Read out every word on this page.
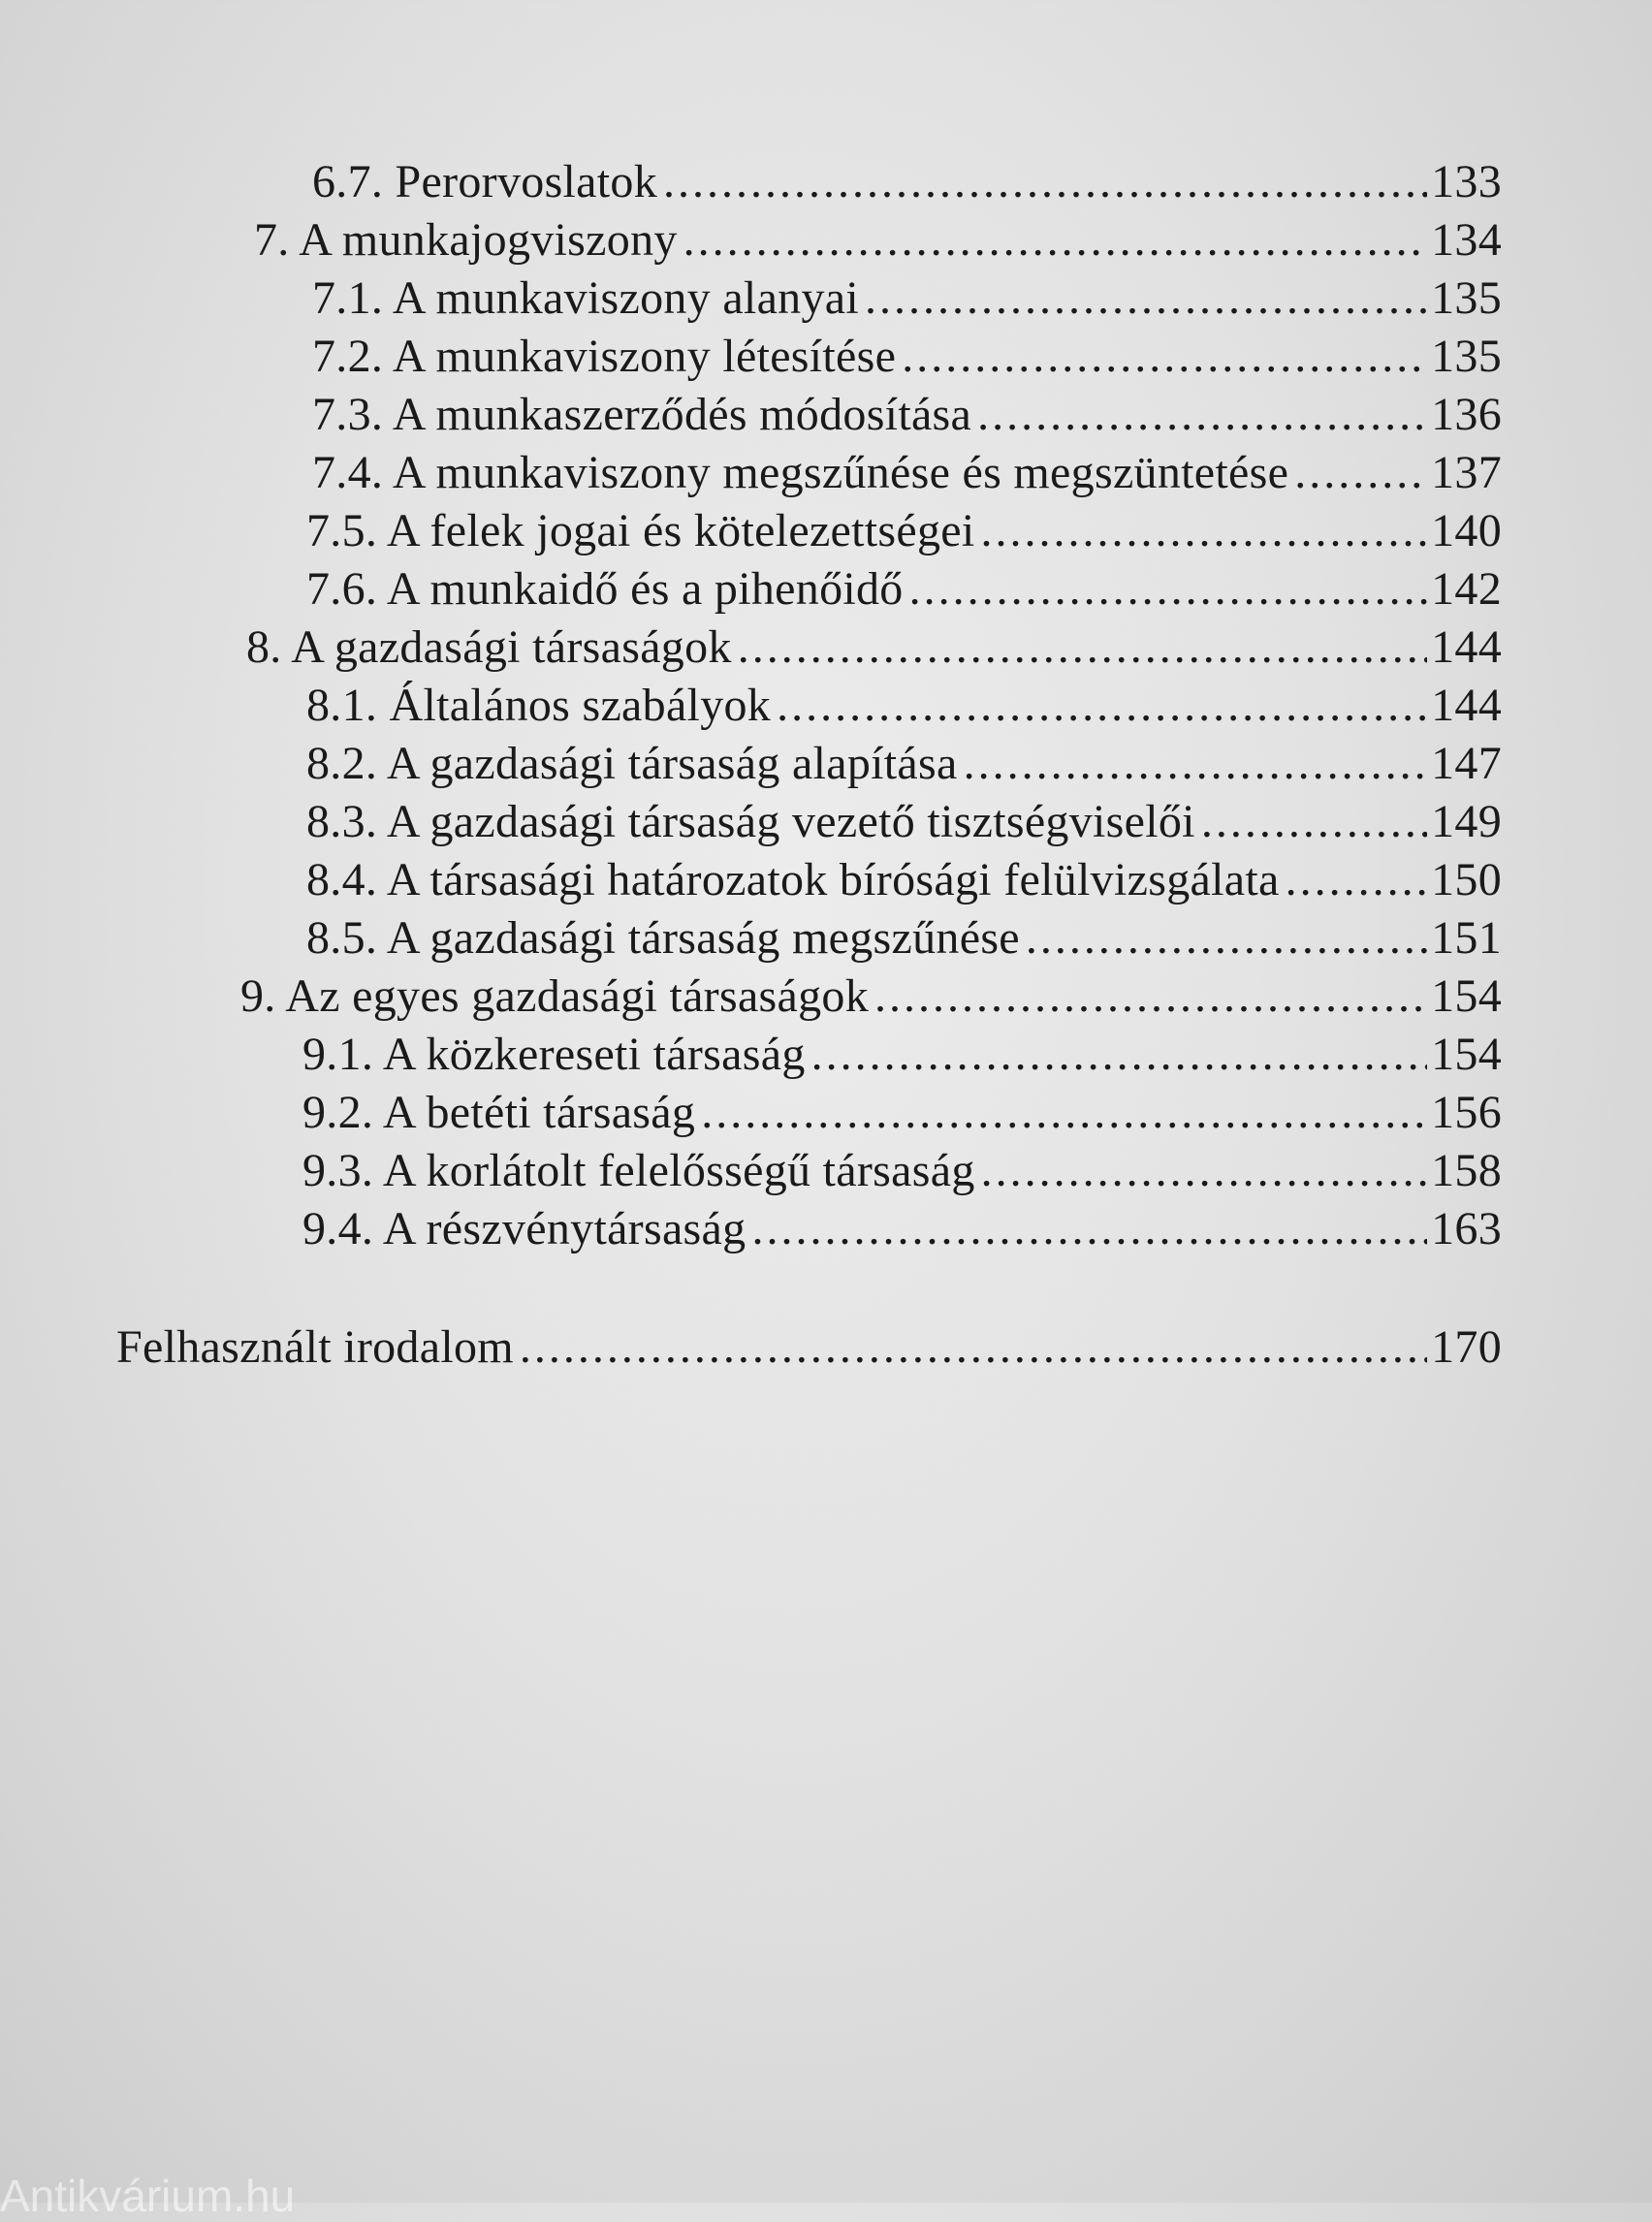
6.7. Perorvoslatok .....	133
7. A munkajogviszony .....	134
7.1. A munkaviszony alanyai .....	135
7.2. A munkaviszony létesítése .....	135
7.3. A munkaszerződés módosítása .....	136
7.4. A munkaviszony megszűnése és megszüntetése .....	137
7.5. A felek jogai és kötelezettségei .....	140
7.6. A munkaidő és a pihenőidő .....	142
8. A gazdasági társaságok .....	144
8.1. Általános szabályok .....	144
8.2. A gazdasági társaság alapítása .....	147
8.3. A gazdasági társaság vezető tisztségviselői .....	149
8.4. A társasági határozatok bírósági felülvizsgálata .....	150
8.5. A gazdasági társaság megszűnése .....	151
9. Az egyes gazdasági társaságok .....	154
9.1. A közkereseti társaság .....	154
9.2. A betéti társaság .....	156
9.3. A korlátolt felelősségű társaság .....	158
9.4. A részvénytársaság .....	163
Felhasznált irodalom .....	170
Antikvárium.hu
